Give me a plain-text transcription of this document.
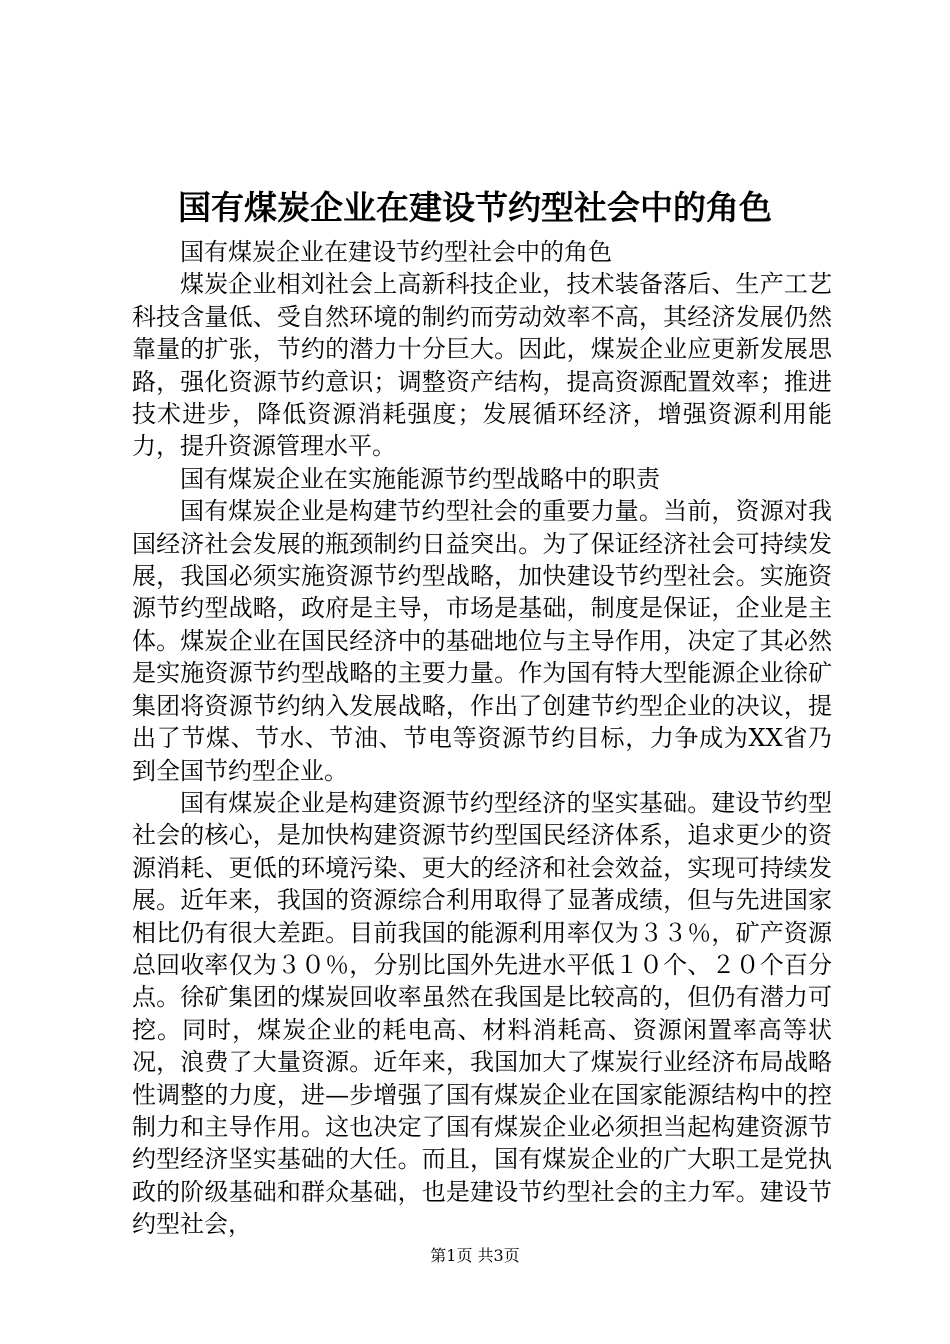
国有煤炭企业在建设节约型社会中的角色

国有煤炭企业在建设节约型社会中的角色

煤炭企业相刘社会上高新科技企业，技术装备落后、生产工艺科技含量低、受自然环境的制约而劳动效率不高，其经济发展仍然靠量的扩张，节约的潜力十分巨大。因此，煤炭企业应更新发展思路，强化资源节约意识；调整资产结构，提高资源配置效率；推进技术进步，降低资源消耗强度；发展循环经济，增强资源利用能力，提升资源管理水平。

国有煤炭企业在实施能源节约型战略中的职责

国有煤炭企业是构建节约型社会的重要力量。当前，资源对我国经济社会发展的瓶颈制约日益突出。为了保证经济社会可持续发展，我国必须实施资源节约型战略，加快建设节约型社会。实施资源节约型战略，政府是主导，市场是基础，制度是保证，企业是主体。煤炭企业在国民经济中的基础地位与主导作用，决定了其必然是实施资源节约型战略的主要力量。作为国有特大型能源企业徐矿集团将资源节约纳入发展战略，作出了创建节约型企业的决议，提出了节煤、节水、节油、节电等资源节约目标，力争成为XX省乃到全国节约型企业。

国有煤炭企业是构建资源节约型经济的坚实基础。建设节约型社会的核心，是加快构建资源节约型国民经济体系，追求更少的资源消耗、更低的环境污染、更大的经济和社会效益，实现可持续发展。近年来，我国的资源综合利用取得了显著成绩，但与先进国家相比仍有很大差距。目前我国的能源利用率仅为３３％，矿产资源总回收率仅为３０％，分别比国外先进水平低１０个、２０个百分点。徐矿集团的煤炭回收率虽然在我国是比较高的，但仍有潜力可挖。同时，煤炭企业的耗电高、材料消耗高、资源闲置率高等状况，浪费了大量资源。近年来，我国加大了煤炭行业经济布局战略性调整的力度，进—步增强了国有煤炭企业在国家能源结构中的控制力和主导作用。这也决定了国有煤炭企业必须担当起构建资源节约型经济坚实基础的大任。而且，国有煤炭企业的广大职工是党执政的阶级基础和群众基础，也是建设节约型社会的主力军。建设节约型社会，

第1页 共3页
